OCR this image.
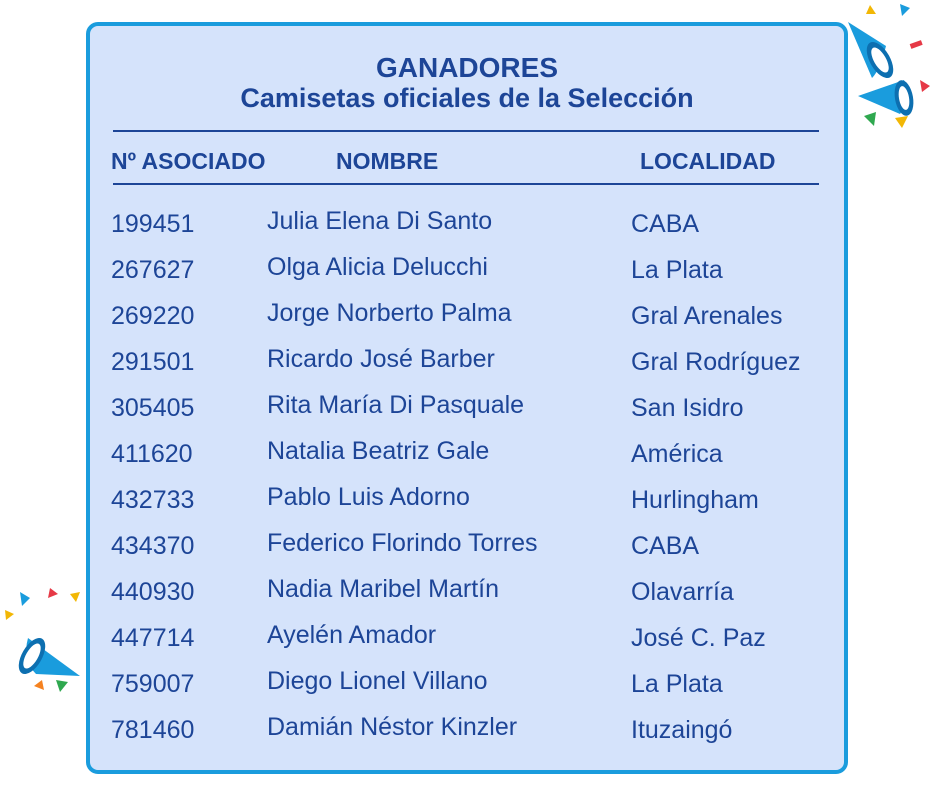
GANADORES
Camisetas oficiales de la Selección
Nº ASOCIADO	NOMBRE	LOCALIDAD
199451	Julia Elena Di Santo	CABA
267627	Olga Alicia Delucchi	La Plata
269220	Jorge Norberto Palma	Gral Arenales
291501	Ricardo José Barber	Gral Rodríguez
305405	Rita María Di Pasquale	San Isidro
411620	Natalia Beatriz Gale	América
432733	Pablo Luis Adorno	Hurlingham
434370	Federico Florindo Torres	CABA
440930	Nadia Maribel Martín	Olavarría
447714	Ayelén Amador	José C. Paz
759007	Diego Lionel Villano	La Plata
781460	Damián Néstor Kinzler	Ituzaingó
